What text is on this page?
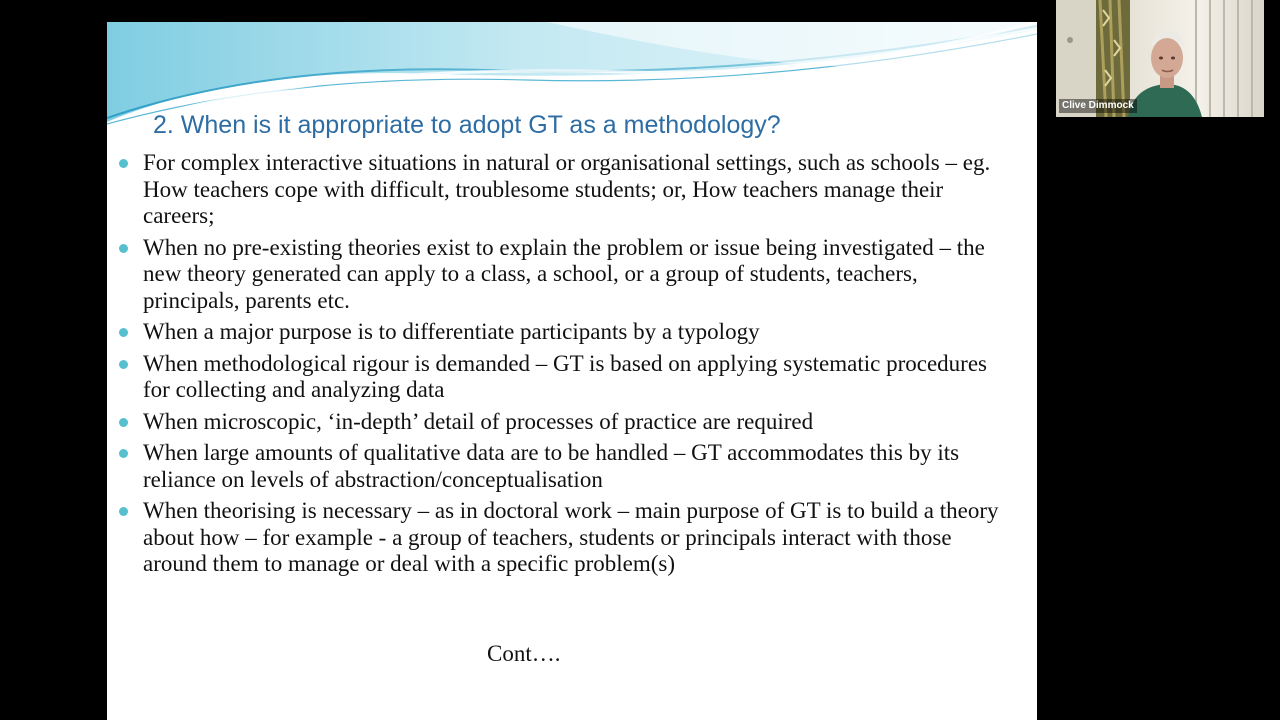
2. When is it appropriate to adopt GT as a methodology?
For complex interactive situations in natural or organisational settings, such as schools – eg. How teachers cope with difficult, troublesome students; or, How teachers manage their careers;
When no pre-existing theories exist to explain the problem or issue being investigated – the new theory generated can apply to a class, a school, or a group of students, teachers, principals, parents etc.
When a major purpose is to differentiate participants by a typology
When methodological rigour is demanded – GT is based on applying systematic procedures for collecting and analyzing data
When microscopic, ‘in-depth’ detail of processes of practice are required
When large amounts of qualitative data are to be handled – GT accommodates this by its reliance on levels of abstraction/conceptualisation
When theorising is necessary – as in doctoral work – main purpose of GT is to build a theory about how – for example - a group of teachers, students or principals interact with those around them to manage or deal with a specific problem(s)
Cont….
Clive Dimmock
